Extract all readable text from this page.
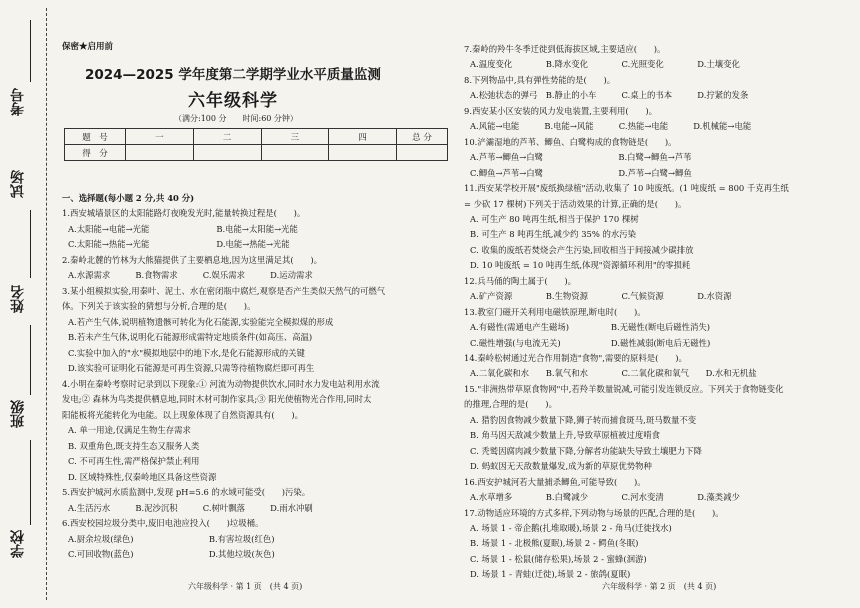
考号
试场
姓名
班级
学校
保密★启用前
2024—2025 学年度第二学期学业水平质量监测
六年级科学
（满分:100 分　　时间:60 分钟）
题　号	一	二	三	四	总 分
得　分					
一、选择题(每小题 2 分,共 40 分)
1.西安城墙景区的太阳能路灯夜晚发光时,能量转换过程是(　　)。
A.太阳能→电能→光能　　　　　　　　B.电能→太阳能→光能
C.太阳能→热能→光能　　　　　　　　D.电能→热能→光能
2.秦岭北麓的竹林为大熊猫提供了主要栖息地,因为这里满足其(　　)。
A.水源需求　　　B.食物需求　　　C.娱乐需求　　　D.运动需求
3.某小组模拟实验,用秦叶、泥土、水在密闭瓶中腐烂,观察是否产生类似天然气的可燃气
体。下列关于该实验的猜想与分析,合理的是(　　)。
A.若产生气体,说明植物遗骸可转化为化石能源,实验能完全模拟煤的形成
B.若未产生气体,说明化石能源形成需特定地质条件(如高压、高温)
C.实验中加入的"水"模拟地层中的地下水,是化石能源形成的关键
D.该实验可证明化石能源是可再生资源,只需等待植物腐烂即可再生
4.小明在秦岭考察时记录到以下现象:① 河流为动物提供饮水,同时水力发电站利用水流
发电;② 森林为鸟类提供栖息地,同时木材可制作家具;③ 阳光使植物光合作用,同时太
阳能板将光能转化为电能。以上现象体现了自然资源具有(　　)。
A. 单一用途,仅满足生物生存需求
B. 双重角色,既支持生态又服务人类
C. 不可再生性,需严格保护禁止利用
D. 区域特殊性,仅秦岭地区具备这些资源
5.西安护城河水质监测中,发现 pH=5.6 的水域可能受(　　)污染。
A.生活污水　　　B.泥沙沉积　　　C.树叶飘落　　　D.雨水冲刷
6.西安校园垃圾分类中,废旧电池应投入(　　)垃圾桶。
A.厨余垃圾(绿色)　　　　　　　　　B.有害垃圾(红色)
C.可回收物(蓝色)　　　　　　　　　D.其他垃圾(灰色)
六年级科学 · 第 1 页　(共 4 页)
7.秦岭的羚牛冬季迁徙到低海拔区域,主要适应(　　)。
A.温度变化　　　　B.降水变化　　　　C.光照变化　　　　D.土壤变化
8.下列物品中,具有弹性势能的是(　　)。
A.松弛状态的弹弓　B.静止的小车　　　C.桌上的书本　　　D.拧紧的发条
9.西安某小区安装的风力发电装置,主要利用(　　)。
A.风能→电能　　　B.电能→风能　　　C.热能→电能　　　D.机械能→电能
10.浐灞湿地的芦苇、鲫鱼、白鹭构成的食物链是(　　)。
A.芦苇→鲫鱼→白鹭　　　　　　　　　B.白鹭→鲫鱼→芦苇
C.鲫鱼→芦苇→白鹭　　　　　　　　　D.芦苇→白鹭→鲫鱼
11.西安某学校开展"废纸换绿植"活动,收集了 10 吨废纸。(1 吨废纸 = 800 千克再生纸
= 少砍 17 棵树)下列关于活动效果的计算,正确的是(　　)。
A. 可生产 80 吨再生纸,相当于保护 170 棵树
B. 可生产 8 吨再生纸,减少约 35% 的水污染
C. 收集的废纸若焚烧会产生污染,回收相当于间接减少碳排放
D. 10 吨废纸 = 10 吨再生纸,体现"资源循环利用"的零损耗
12.兵马俑的陶土属于(　　)。
A.矿产资源　　　　B.生物资源　　　　C.气候资源　　　　D.水资源
13.教室门磁开关利用电磁铁原理,断电时(　　)。
A.有磁性(需通电产生磁场)　　　　　B.无磁性(断电后磁性消失)
C.磁性增强(与电流无关)　　　　　　D.磁性减弱(断电后无磁性)
14.秦岭松树通过光合作用制造"食物",需要的原料是(　　)。
A.二氧化碳和水　　B.氧气和水　　　　C.二氧化碳和氧气　　D.水和无机盐
15."非洲热带草原食物网"中,若羚羊数量锐减,可能引发连锁反应。下列关于食物链变化
的推理,合理的是(　　)。
A. 猎豹因食物减少数量下降,狮子转而捕食斑马,斑马数量不变
B. 角马因天敌减少数量上升,导致草原植被过度啃食
C. 秃鹫因腐肉减少数量下降,分解者功能缺失导致土壤肥力下降
D. 蚂蚁因无天敌数量爆发,成为新的草原优势物种
16.西安护城河若大量捕杀鲫鱼,可能导致(　　)。
A.水草增多　　　　B.白鹭减少　　　　C.河水变清　　　　D.藻类减少
17.动物适应环境的方式多样,下列动物与场景的匹配,合理的是(　　)。
A. 场景 1 - 帝企鹅(扎堆取暖),场景 2 - 角马(迁徙找水)
B. 场景 1 - 北极熊(夏眠),场景 2 - 鳄鱼(冬眠)
C. 场景 1 - 松鼠(储存松果),场景 2 - 蜜蜂(洄游)
D. 场景 1 - 青蛙(迁徙),场景 2 - 旅鸽(夏眠)
六年级科学 · 第 2 页　(共 4 页)
